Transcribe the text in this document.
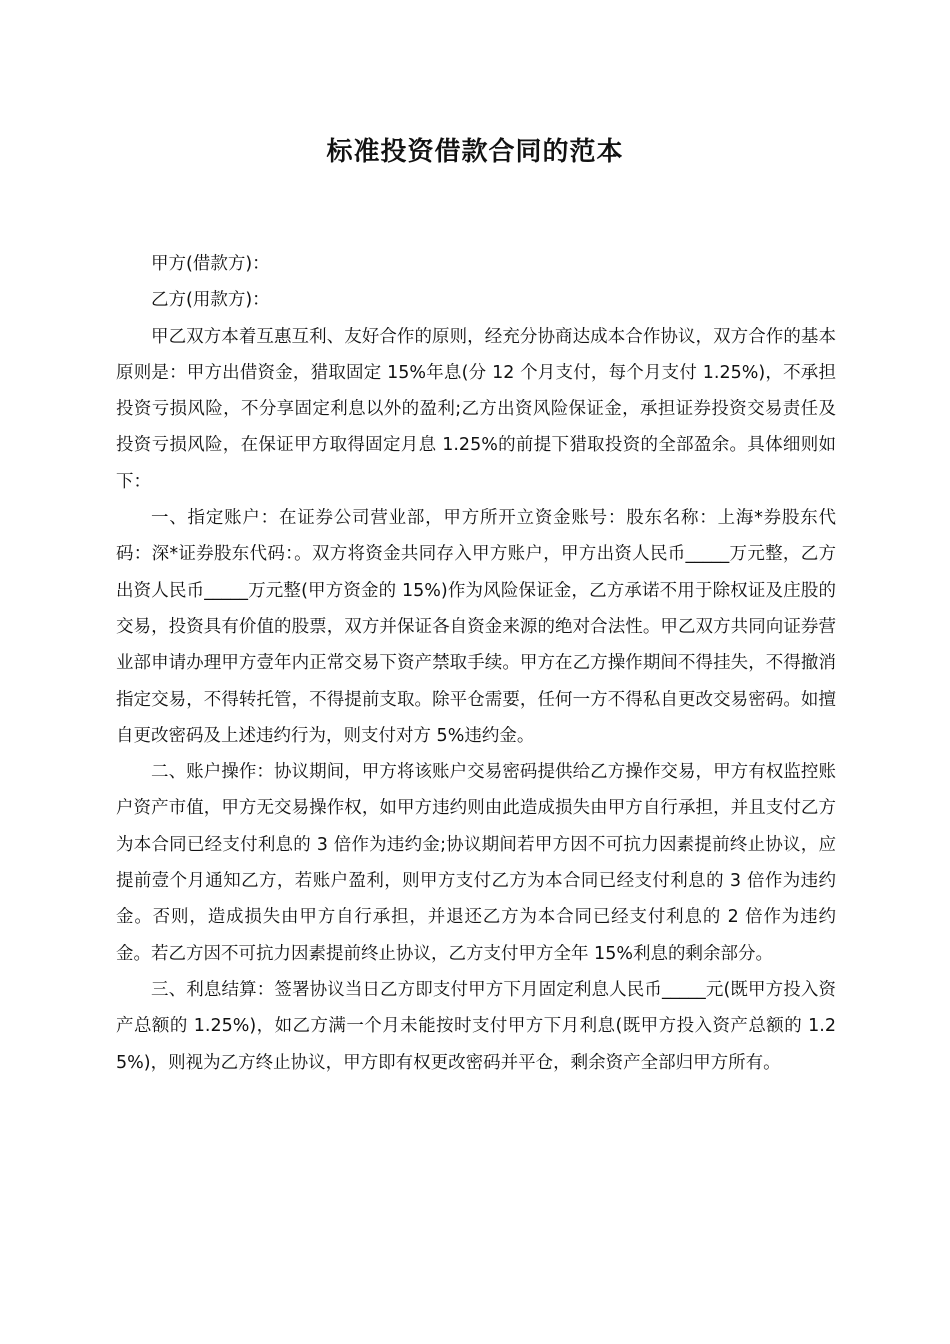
标准投资借款合同的范本

甲方(借款方)：

乙方(用款方)：

甲乙双方本着互惠互利、友好合作的原则，经充分协商达成本合作协议，双方合作的基本原则是：甲方出借资金，猎取固定 15%年息(分 12 个月支付，每个月支付 1.25%)，不承担投资亏损风险，不分享固定利息以外的盈利;乙方出资风险保证金，承担证券投资交易责任及投资亏损风险，在保证甲方取得固定月息 1.25%的前提下猎取投资的全部盈余。具体细则如下：

一、指定账户：在证券公司营业部，甲方所开立资金账号：股东名称：上海*券股东代码：深*证券股东代码：。双方将资金共同存入甲方账户，甲方出资人民币_____万元整，乙方出资人民币_____万元整(甲方资金的 15%)作为风险保证金，乙方承诺不用于除权证及庄股的交易，投资具有价值的股票，双方并保证各自资金来源的绝对合法性。甲乙双方共同向证券营业部申请办理甲方壹年内正常交易下资产禁取手续。甲方在乙方操作期间不得挂失，不得撤消指定交易，不得转托管，不得提前支取。除平仓需要，任何一方不得私自更改交易密码。如擅自更改密码及上述违约行为，则支付对方 5%违约金。

二、账户操作：协议期间，甲方将该账户交易密码提供给乙方操作交易，甲方有权监控账户资产市值，甲方无交易操作权，如甲方违约则由此造成损失由甲方自行承担，并且支付乙方为本合同已经支付利息的 3 倍作为违约金;协议期间若甲方因不可抗力因素提前终止协议，应提前壹个月通知乙方，若账户盈利，则甲方支付乙方为本合同已经支付利息的 3 倍作为违约金。否则，造成损失由甲方自行承担，并退还乙方为本合同已经支付利息的 2 倍作为违约金。若乙方因不可抗力因素提前终止协议，乙方支付甲方全年 15%利息的剩余部分。

三、利息结算：签署协议当日乙方即支付甲方下月固定利息人民币_____元(既甲方投入资产总额的 1.25%)，如乙方满一个月未能按时支付甲方下月利息(既甲方投入资产总额的 1.25%)，则视为乙方终止协议，甲方即有权更改密码并平仓，剩余资产全部归甲方所有。
